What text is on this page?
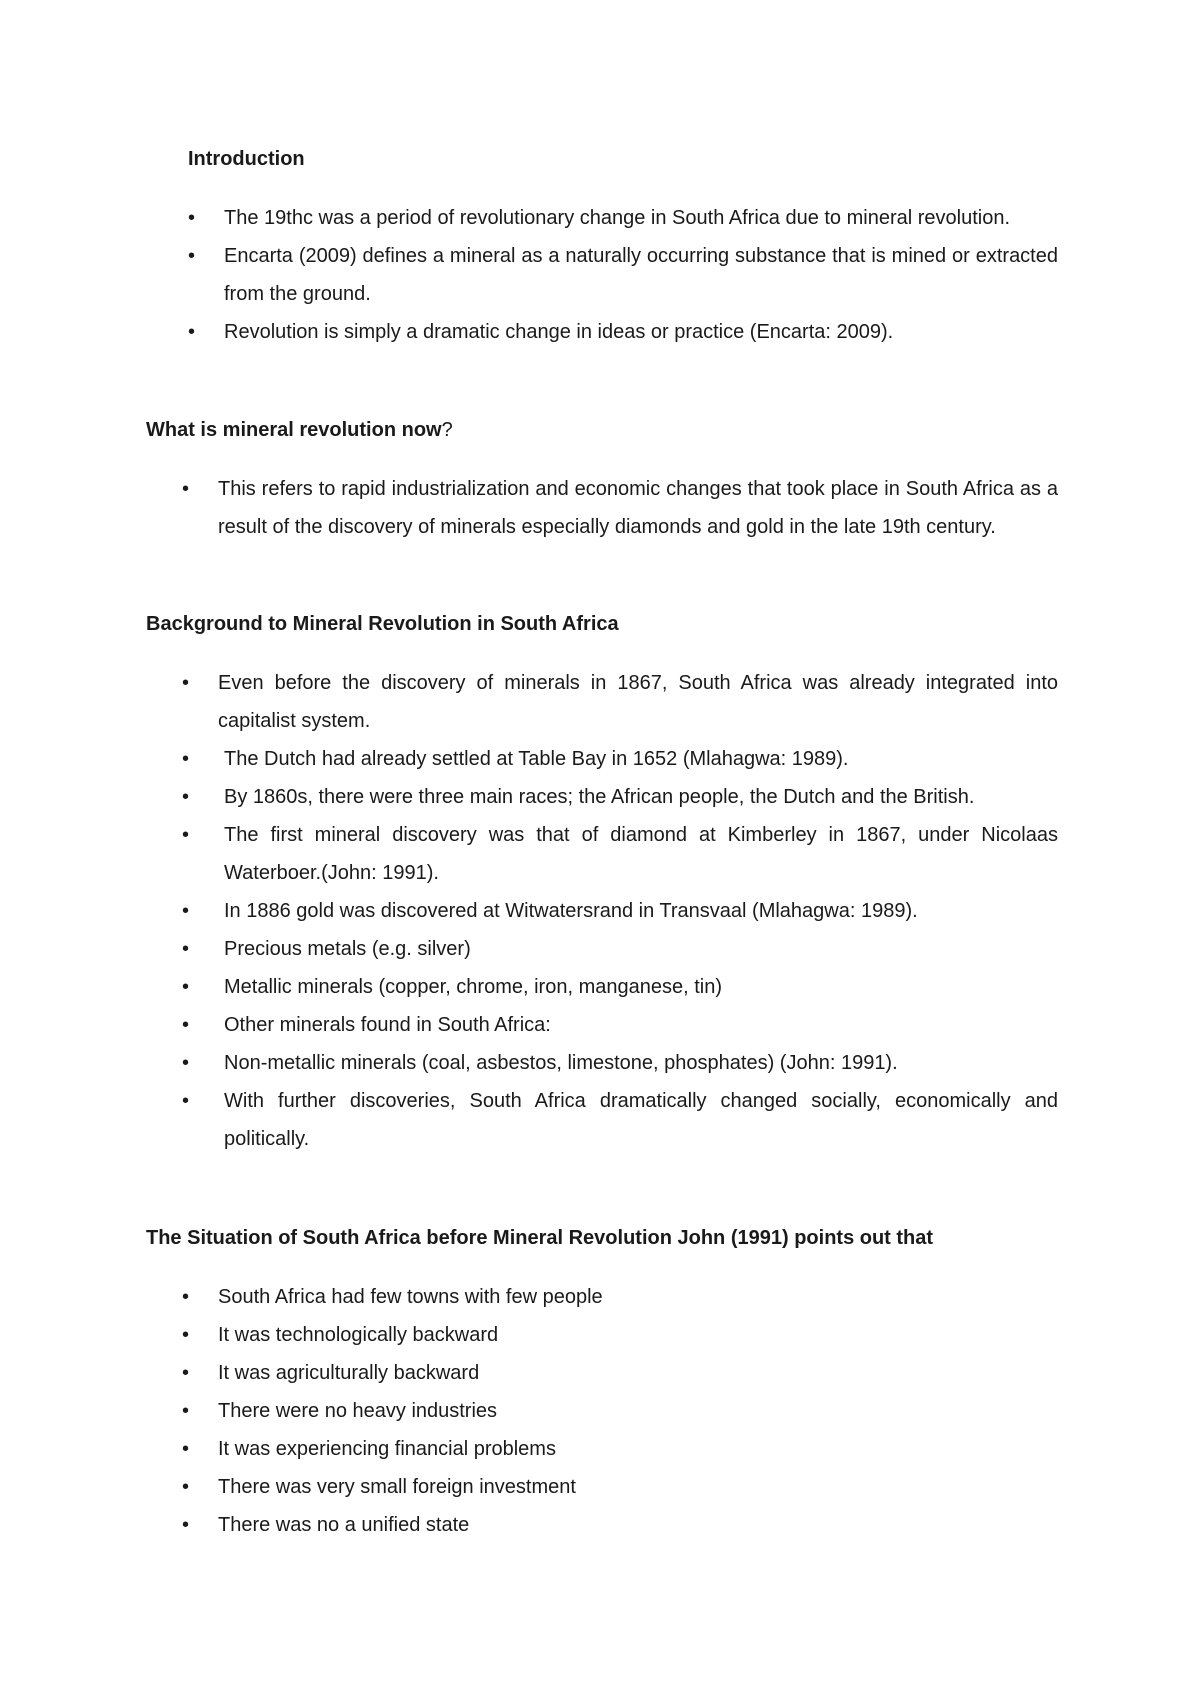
Introduction
• The 19thc was a period of revolutionary change in South Africa due to mineral revolution.
• Encarta (2009) defines a mineral as a naturally occurring substance that is mined or extracted from the ground.
• Revolution is simply a dramatic change in ideas or practice (Encarta: 2009).
What is mineral revolution now?
• This refers to rapid industrialization and economic changes that took place in South Africa as a result of the discovery of minerals especially diamonds and gold in the late 19th century.
Background to Mineral Revolution in South Africa
• Even before the discovery of minerals in 1867, South Africa was already integrated into capitalist system.
• The Dutch had already settled at Table Bay in 1652 (Mlahagwa: 1989).
• By 1860s, there were three main races; the African people, the Dutch and the British.
• The first mineral discovery was that of diamond at Kimberley in 1867, under Nicolaas Waterboer.(John: 1991).
• In 1886 gold was discovered at Witwatersrand in Transvaal (Mlahagwa: 1989).
• Precious metals (e.g. silver)
• Metallic minerals (copper, chrome, iron, manganese, tin)
• Other minerals found in South Africa:
• Non-metallic minerals (coal, asbestos, limestone, phosphates) (John: 1991).
• With further discoveries, South Africa dramatically changed socially, economically and politically.
The Situation of South Africa before Mineral Revolution John (1991) points out that
• South Africa had few towns with few people
• It was technologically backward
• It was agriculturally backward
• There were no heavy industries
• It was experiencing financial problems
• There was very small foreign investment
• There was no a unified state
